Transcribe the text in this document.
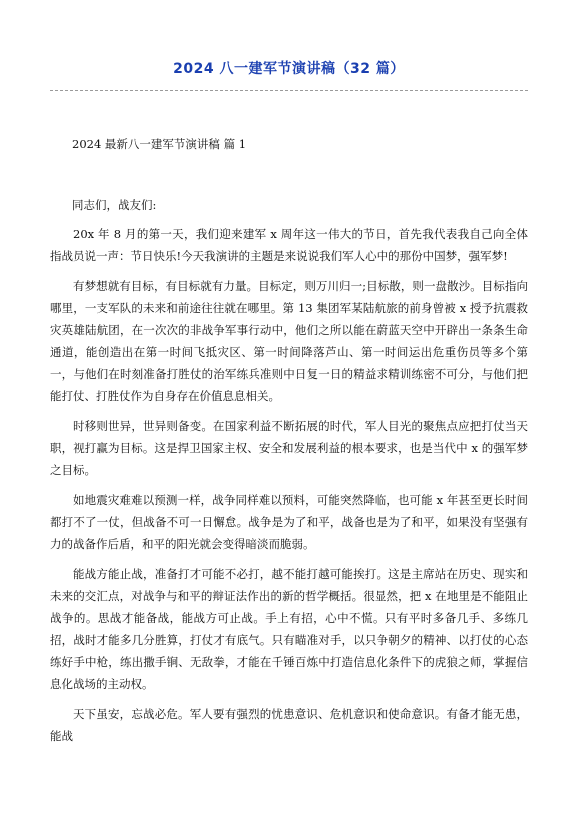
2024 八一建军节演讲稿（32 篇）
2024 最新八一建军节演讲稿 篇 1
同志们，战友们:

20x 年 8 月的第一天，我们迎来建军 x 周年这一伟大的节日，首先我代表我自己向全体指战员说一声：节日快乐!今天我演讲的主题是来说说我们军人心中的那份中国梦，强军梦!

有梦想就有目标，有目标就有力量。目标定，则万川归一;目标散，则一盘散沙。目标指向哪里，一支军队的未来和前途往往就在哪里。第 13 集团军某陆航旅的前身曾被 x 授予抗震救灾英雄陆航团，在一次次的非战争军事行动中，他们之所以能在蔚蓝天空中开辟出一条条生命通道，能创造出在第一时间飞抵灾区、第一时间降落芦山、第一时间运出危重伤员等多个第一，与他们在时刻准备打胜仗的治军练兵准则中日复一日的精益求精训练密不可分，与他们把能打仗、打胜仗作为自身存在价值息息相关。

时移则世异，世异则备变。在国家利益不断拓展的时代，军人目光的聚焦点应把打仗当天职，视打赢为目标。这是捍卫国家主权、安全和发展利益的根本要求，也是当代中 x 的强军梦之目标。

如地震灾难难以预测一样，战争同样难以预料，可能突然降临，也可能 x 年甚至更长时间都打不了一仗，但战备不可一日懈怠。战争是为了和平，战备也是为了和平，如果没有坚强有力的战备作后盾，和平的阳光就会变得暗淡而脆弱。

能战方能止战，准备打才可能不必打，越不能打越可能挨打。这是主席站在历史、现实和未来的交汇点，对战争与和平的辩证法作出的新的哲学概括。很显然，把 x 在地里是不能阻止战争的。思战才能备战，能战方可止战。手上有招，心中不慌。只有平时多备几手、多练几招，战时才能多几分胜算，打仗才有底气。只有瞄准对手，以只争朝夕的精神、以打仗的心态练好手中枪，练出撒手锏、无敌拳，才能在千锤百炼中打造信息化条件下的虎狼之师，掌握信息化战场的主动权。

天下虽安，忘战必危。军人要有强烈的忧患意识、危机意识和使命意识。有备才能无患，能战
